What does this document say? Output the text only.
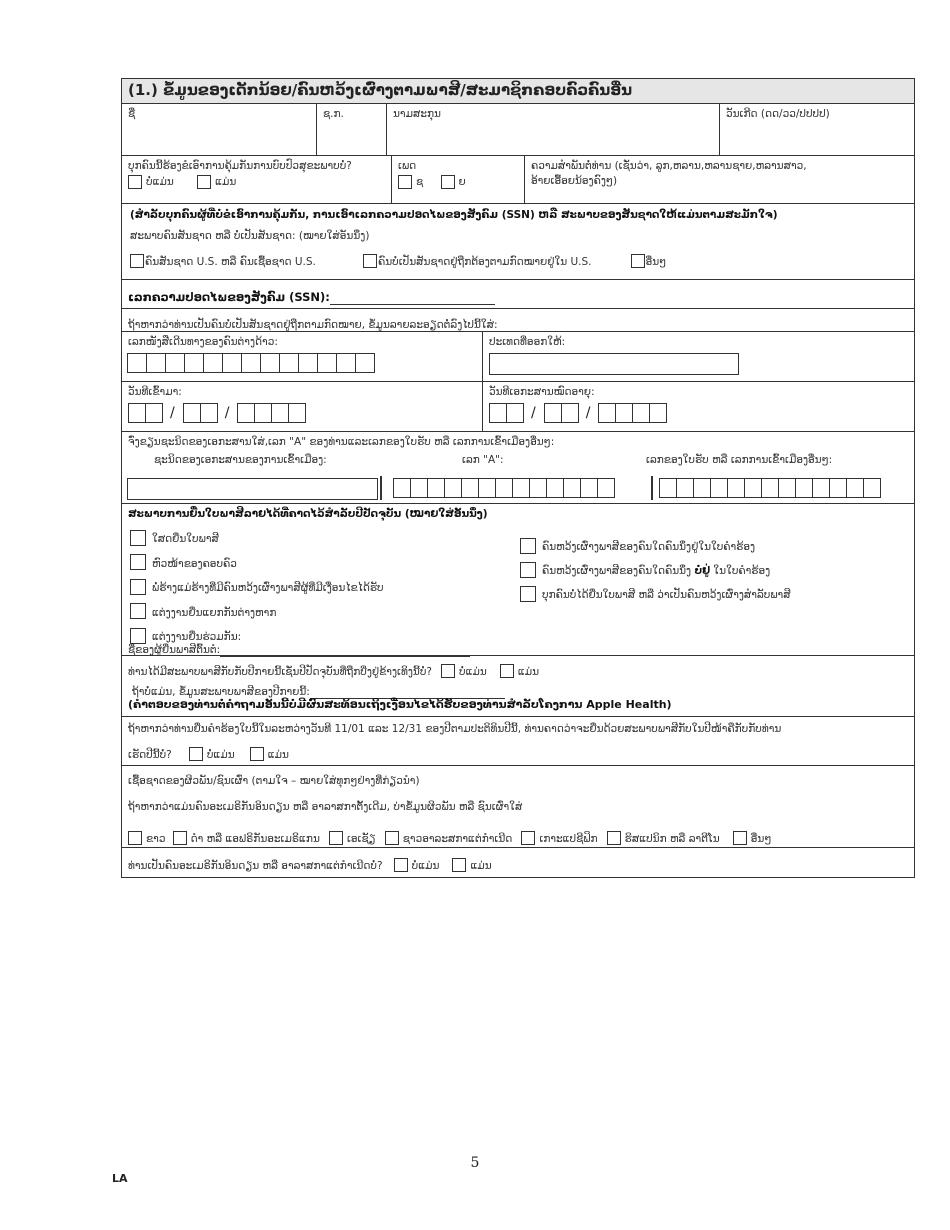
(1.) ຂໍ້ມູນຂອງເດັກນ້ອຍ/ຄົນຫວ້ງເຜົ່າງຕາມພາສີ/ສະມາຊິກຄອບຄົວຄົນອື່ນ
ຊື່	ຊ.ກ.	ນາມສະກຸນ	ວັນເກີດ (ດດ/ວວ/ປປປປ)
ບຸກຄົນນີ້ຮ້ອງຂໍເອົາການຄຸ້ມກັນການບົບປົວສຸຂະພາບບໍ່?
ບໍ່ແມ່ນ	ແມ່ນ
ເພດ
ຊ	ຍ
ຄວາມສຳພັນຕໍ່ທ່ານ (ເຊັ່ນວ່າ, ລູກ,ຫລານ,ຫລານຊາຍ,ຫລານສາວ,
ອ້າຍເອື້ອຍນ້ອງຄົງໆ)
(ສຳລັບບຸກຄົນຜູ້ທີ່ບໍ່ຂໍເອົາການຄຸ້ມກັນ, ການເອົາເລກຄວາມປອດໄພຂອງສັງຄົມ (SSN) ຫລື ສະພາບຂອງສັນຊາດໃຫ້ແມ່ນຕາມສະມັກໃຈ)
ສະພາບຄົນສັນຊາດ ຫລື ບໍ່ເປັນສັນຊາດ: (ໝາຍໃສ່ອັນນຶ່ງ)
ຄົນສັນຊາດ U.S. ຫລື ຄົນເຊື້ອຊາດ U.S.	ຄົນບໍ່ເປັນສັນຊາດຢູ່ຖືກຕ້ອງຕາມກົດໝາຍຢູ່ໃນ U.S.	ອື່ນໆ
ເລກຄວາມປອດໄພຂອງສັງຄົມ (SSN):
ຖ້າຫາກວ່າທ່ານເປັນຄົນບໍ່ເປັນສັນຊາດຢູ່ຖືກຕາມກົດໝາຍ, ຂໍ້ມູນລາຍລະອຽດຕໍ່ລົງໄປນີ້ໃສ່:
ເລກໜັງສືເດີນທາງຂອງຄົນຕ່າງດ້າວ:	ປະເທດທີ່ອອກໃຫ້:
ວັນທີເຂົ້າມາ:
/	/
ວັນທີເອກະສານໝົດອາຍຸ:
/	/
ຈົ່ງຂຽນຊະນິດຂອງເອກະສານໃສ່,ເລກ "A" ຂອງທ່ານແລະເລກຂອງໃບຮັບ ຫລື ເລກການເຂົ້າເມືອງອື່ນໆ:
ຊະນິດຂອງເອກະສານຂອງການເຂົ້າເມືອງ:	ເລກ "A":	ເລກຂອງໃບຮັບ ຫລື ເລກການເຂົ້າເມືອງອື່ນໆ:
ສະພາບການຍື່ນໃບພາສີລາຍໄດ້ທີ່ຄາດໄວ້ສຳລັບປີປັດຈຸບັນ (ໝາຍໃສ່ອັນນຶ່ງ)
ໃສດຍື່ນໃບພາສີ
ຫົວໜ້າຂອງຄອບຄົວ
ພໍ່ຮ້າງແມ່ຮ້າງທີ່ມີຄົນຫວ້ງເຜົ່າງພາສີຜູ້ທີ່ມີເງື່ອນໄຂໄດ້ຮັບ
ແຕ່ງງານຍື່ນແຍກກັນຕ່າງຫາກ
ແຕ່ງງານຍື່ນຮ່ວມກັນ:
ຄົນຫວ້ງເຜົ່າງພາສີຂອງຄົນໃດຄົນນຶ່ງຢູ່ໃນໃບຄຳຮ້ອງ
ຄົນຫວ້ງເຜົ່າງພາສີຂອງຄົນໃດຄົນນຶ່ງ ບໍ່ຢູ່ ໃນໃບຄຳຮ້ອງ
ບຸກຄົນບໍ່ໄດ້ຍື່ນໃບພາສີ ຫລື ວ່າເປັນຄົນຫວ້ງເຜົ່າງສຳລັບພາສີ
ຊື່ຂອງຜູ້ຍື່ນພາສີຕົ້ນຕໍ:
ທ່ານໄດ້ມີສະພາບພາສີກັບກັບປີກາຍນີ້ເຊັ່ນປີປັດຈຸບັນທີ່ຖືກບີ່ງຢູ່ຂ້າງເທິງນີ້ບໍ່?	ບໍ່ແມ່ນ	ແມ່ນ
ຖ້າບໍ່ແມ່ນ, ຂໍ້ມູນສະພາບພາສີຂອງປີກາຍນີ້:
(ຄຳຕອບຂອງທ່ານຕໍ່ຄຳຖາມອັນນີ້ບໍ່ມີຜົນສະທ້ອນເຖິງເງື່ອນໄຂໄດ້ຮັບຂອງທ່ານສຳລັບໂຄງການ Apple Health)
ຖ້າຫາກວ່າທ່ານຍື່ນຄຳຮ້ອງໃບນີ້ໃນລະຫວ່າງວັນທີ 11/01 ແລະ 12/31 ຂອງປີຕາມປະຕິທິນປີນີ້, ທ່ານຄາດວ່າຈະຍື່ນດ້ວຍສະພາບພາສີກັບໃນປີໜ້າຄືກັບກັບທ່ານ
ເຮັດປີນີ້ບໍ່?	ບໍ່ແມ່ນ	ແມ່ນ
ເຊື້ອຊາດຂອງຜິວພັນ/ຊົນເຜົ່າ (ຕາມໃຈ – ໝາຍໃສ່ທຸກໆຢ່າງທີ່ກ່ຽວນຳ)
ຖ້າຫາກວ່າແມ່ນຄົນອະເມຣິກັນອິນດຽນ ຫລື ອາລາສກາຕັ້ງເດີມ, ບ່າຂໍ້ມູນຜິວພັນ ຫລື ຊົນເຜົ່າໃສ່
ຂາວ ດຳ ຫລື ແອຟຣິກັນອະເມຣິແກນ	ເອເຊັຽ	ຊາວອາລະສກາແຕ່ກຳເນີດ	ເກາະແປຊີຟິກ	ຮິສແປນິກ ຫລື ລາຕີໂນ	ອື່ນໆ
ທ່ານເປັນຄົນອະເມຣິກັນອິນດຽນ ຫລື ອາລາສກາແຕ່ກຳເນີດບໍ່?	ບໍ່ແມ່ນ	ແມ່ນ
5
LA
